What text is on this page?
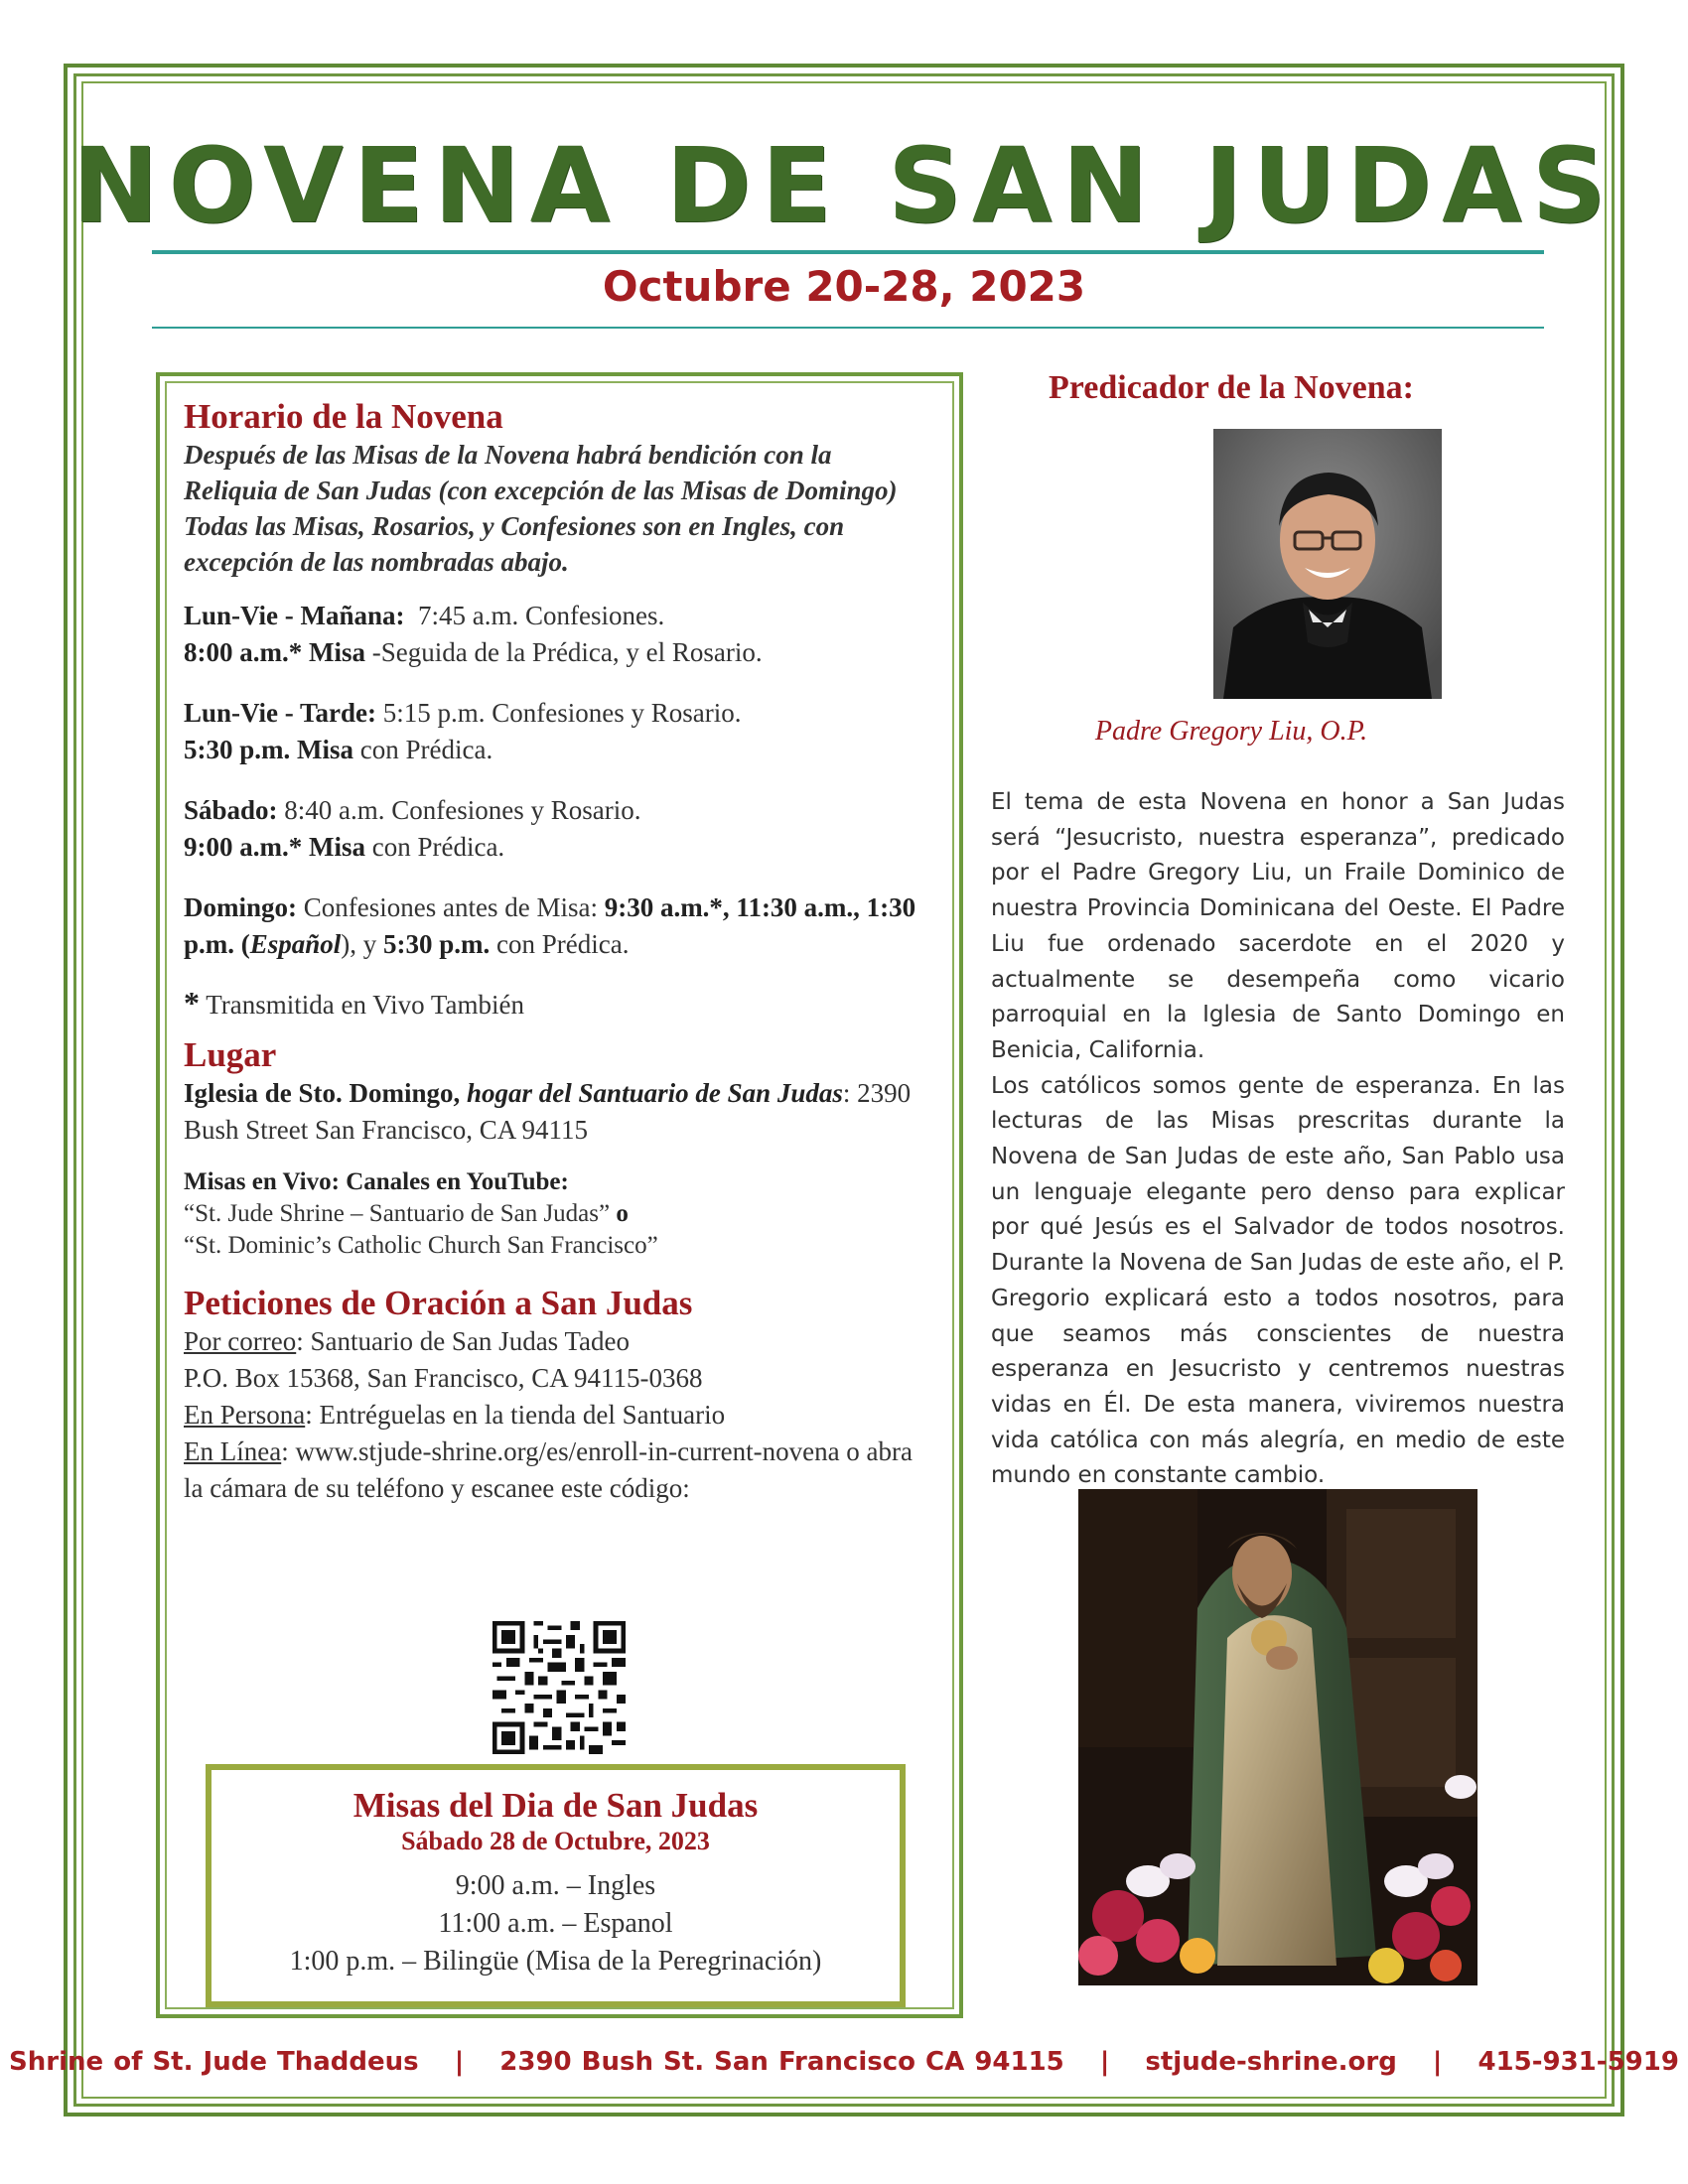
NOVENA DE SAN JUDAS
Octubre 20-28, 2023
Horario de la Novena

Después de las Misas de la Novena habrá bendición con la Reliquia de San Judas (con excepción de las Misas de Domingo) Todas las Misas, Rosarios, y Confesiones son en Ingles, con excepción de las nombradas abajo.

Lun-Vie - Mañana: 7:45 a.m. Confesiones.

8:00 a.m.* Misa -Seguida de la Prédica, y el Rosario.

Lun-Vie - Tarde: 5:15 p.m. Confesiones y Rosario.

5:30 p.m. Misa con Prédica.

Sábado: 8:40 a.m. Confesiones y Rosario.

9:00 a.m.* Misa con Prédica.

Domingo: Confesiones antes de Misa: 9:30 a.m.*, 11:30 a.m., 1:30 p.m. (Español), y 5:30 p.m. con Prédica.

* Transmitida en Vivo También

Lugar

Iglesia de Sto. Domingo, hogar del Santuario de San Judas: 2390 Bush Street San Francisco, CA 94115

Misas en Vivo: Canales en YouTube:

“St. Jude Shrine – Santuario de San Judas” o

“St. Dominic’s Catholic Church San Francisco”

Peticiones de Oración a San Judas

Por correo: Santuario de San Judas Tadeo

P.O. Box 15368, San Francisco, CA 94115-0368

En Persona: Entréguelas en la tienda del Santuario

En Línea: www.stjude-shrine.org/es/enroll-in-current-novena o abra la cámara de su teléfono y escanee este código:

Misas del Dia de San Judas
Sábado 28 de Octubre, 2023
9:00 a.m. – Ingles
11:00 a.m. – Espanol
1:00 p.m. – Bilingüe (Misa de la Peregrinación)
Predicador de la Novena:
Padre Gregory Liu, O.P.

El tema de esta Novena en honor a San Judas será “Jesucristo, nuestra esperanza”, predicado por el Padre Gregory Liu, un Fraile Dominico de nuestra Provincia Dominicana del Oeste. El Padre Liu fue ordenado sacerdote en el 2020 y actualmente se desempeña como vicario parroquial en la Iglesia de Santo Domingo en Benicia, California.

Los católicos somos gente de esperanza. En las lecturas de las Misas prescritas durante la Novena de San Judas de este año, San Pablo usa un lenguaje elegante pero denso para explicar por qué Jesús es el Salvador de todos nosotros. Durante la Novena de San Judas de este año, el P. Gregorio explicará esto a todos nosotros, para que seamos más conscientes de nuestra esperanza en Jesucristo y centremos nuestras vidas en Él. De esta manera, viviremos nuestra vida católica con más alegría, en medio de este mundo en constante cambio.

Shrine of St. Jude Thaddeus | 2390 Bush St. San Francisco CA 94115 | stjude-shrine.org | 415-931-5919
